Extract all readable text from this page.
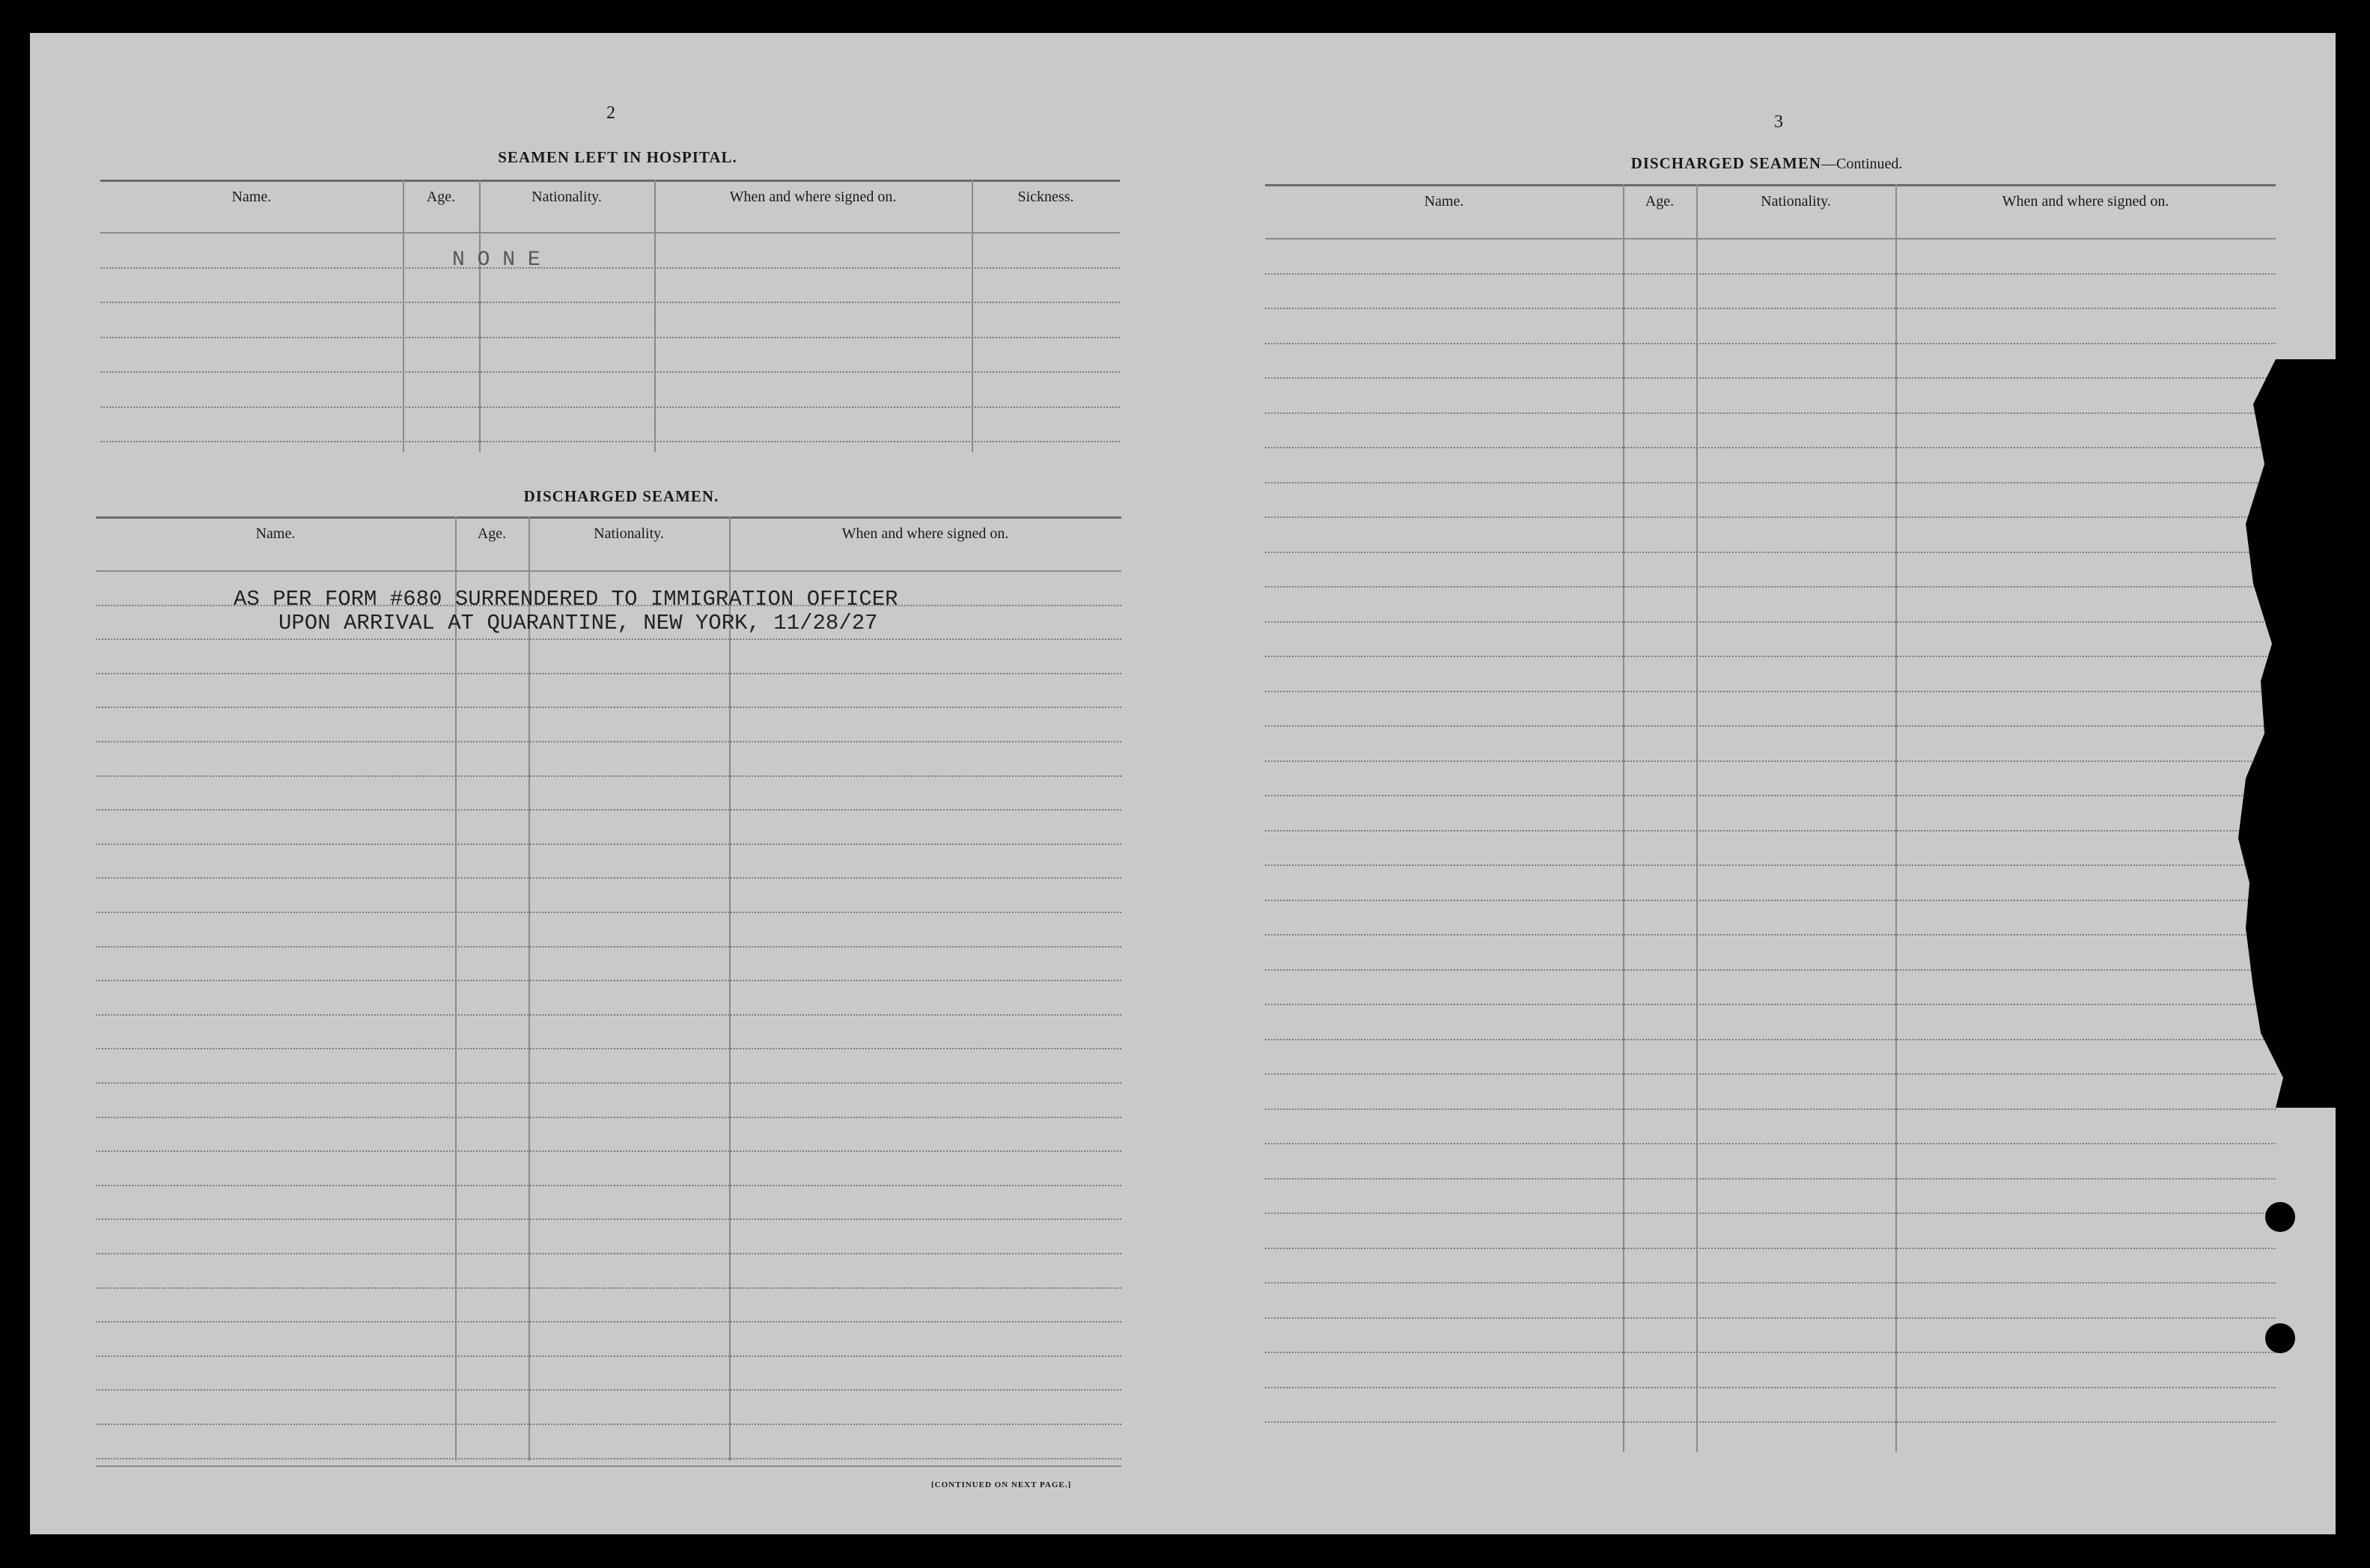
2
SEAMEN LEFT IN HOSPITAL.
Name.	Age.	Nationality.	When and where signed on.	Sickness.
DISCHARGED SEAMEN.
Name.	Age.	Nationality.	When and where signed on.
AS PER FORM #680 SURRENDERED TO IMMIGRATION OFFICER
UPON ARRIVAL AT QUARANTINE, NEW YORK, 11/28/27
[CONTINUED ON NEXT PAGE.]
3
DISCHARGED SEAMEN—Continued.
Name.	Age.	Nationality.	When and where signed on.
N O N E
